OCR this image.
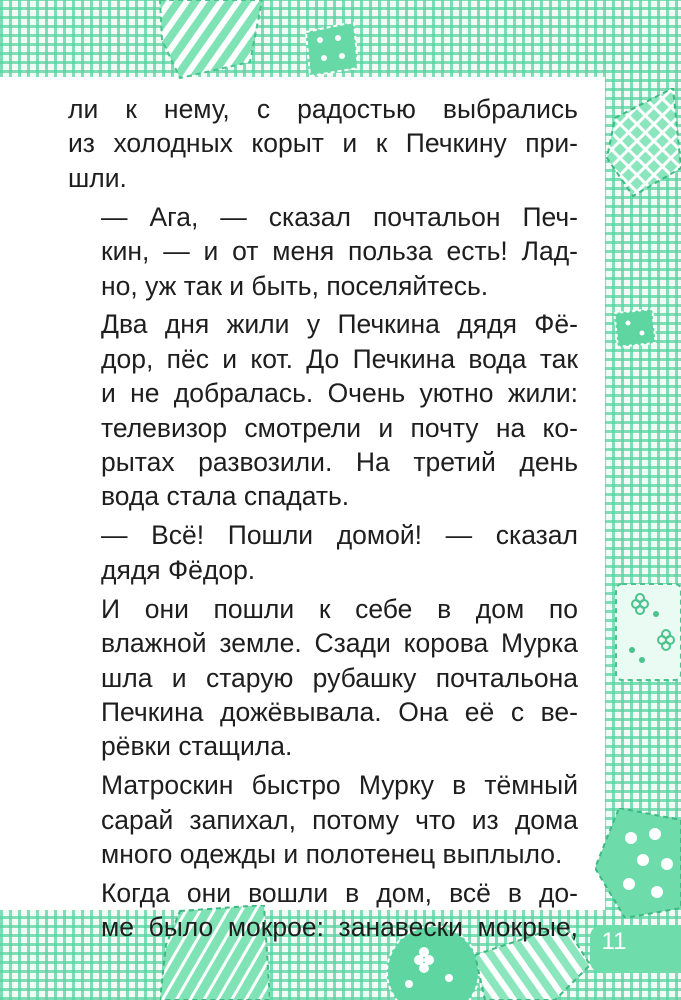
ли к нему, с радостью выбрались
из холодных корыт и к Печкину при-
шли.

— Ага, — сказал почтальон Печ-
кин, — и от меня польза есть! Лад-
но, уж так и быть, поселяйтесь.

Два дня жили у Печкина дядя Фё-
дор, пёс и кот. До Печкина вода так
и не добралась. Очень уютно жили:
телевизор смотрели и почту на ко-
рытах развозили. На третий день
вода стала спадать.

— Всё! Пошли домой! — сказал
дядя Фёдор.

И они пошли к себе в дом по
влажной земле. Сзади корова Мурка
шла и старую рубашку почтальона
Печкина дожёвывала. Она её с ве-
рёвки стащила.

Матроскин быстро Мурку в тёмный
сарай запихал, потому что из дома
много одежды и полотенец выплыло.

Когда они вошли в дом, всё в до-
ме было мокрое: занавески мокрые, 11
